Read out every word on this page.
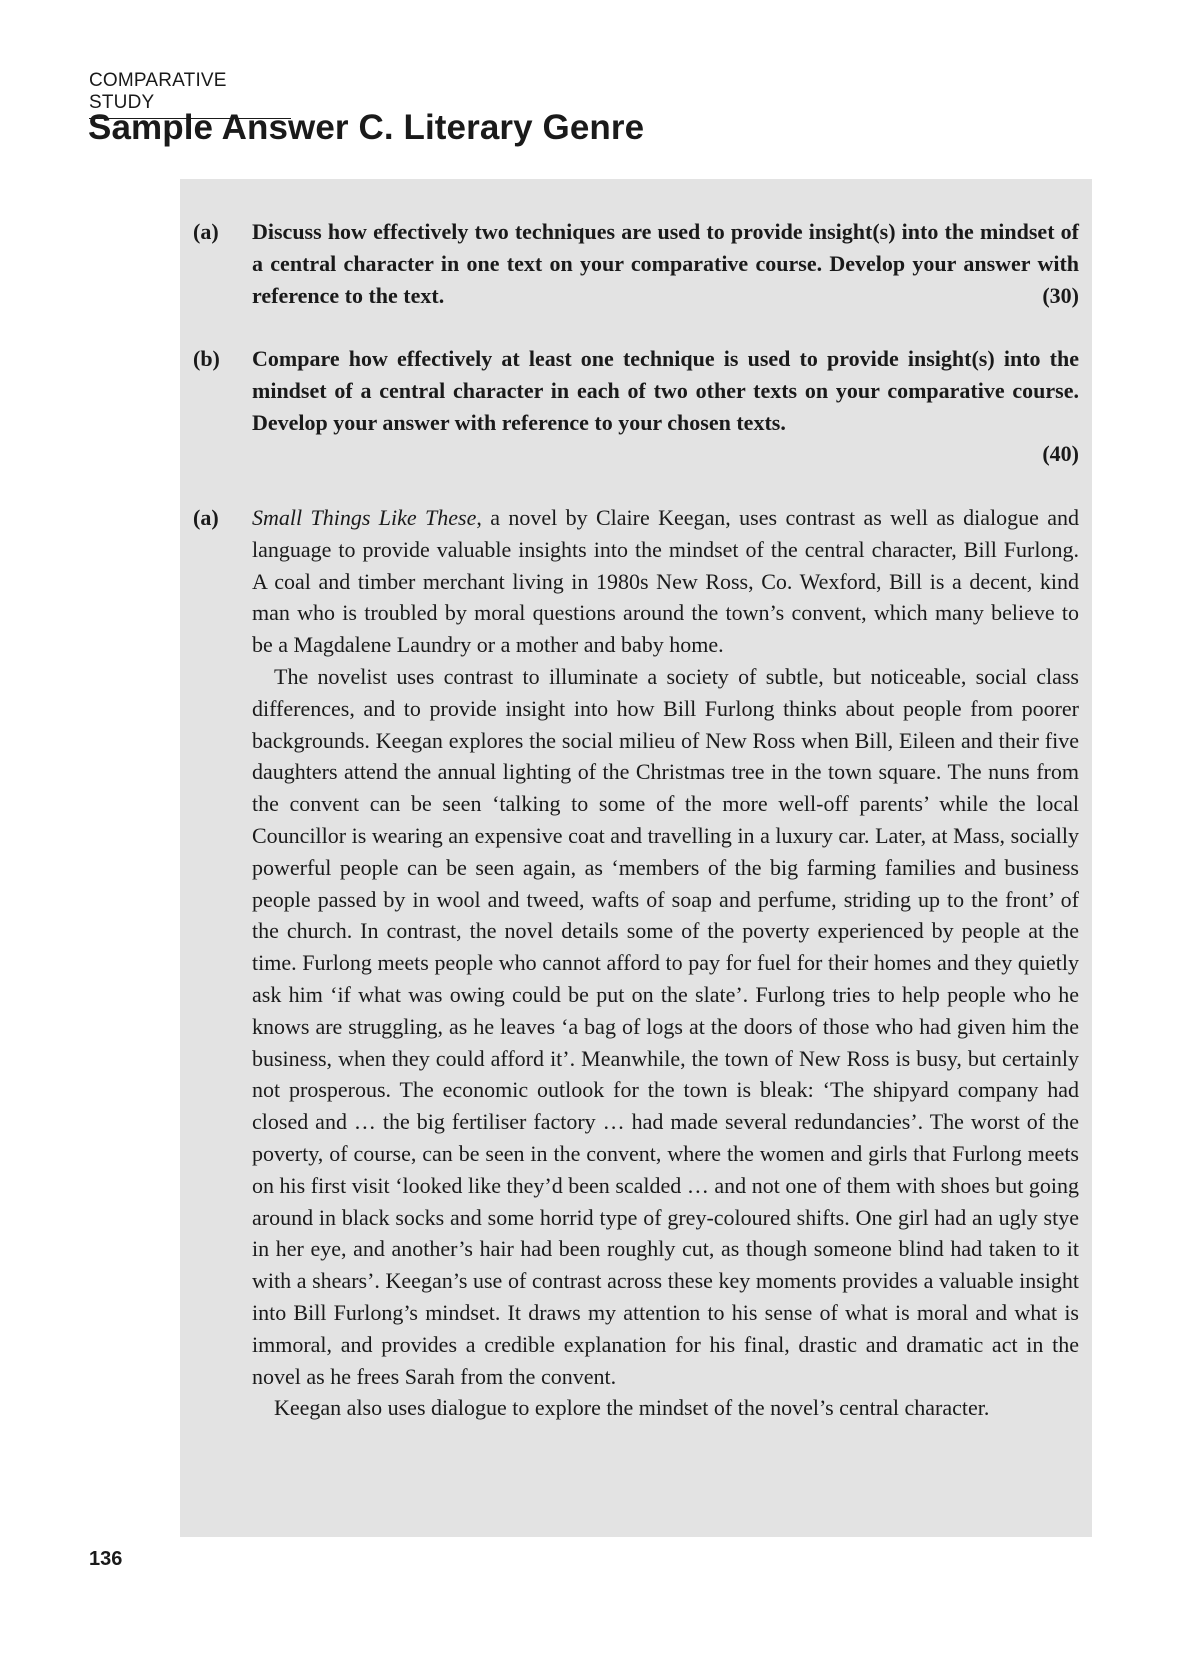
COMPARATIVE STUDY
Sample Answer C. Literary Genre
(a)	Discuss how effectively two techniques are used to provide insight(s) into the mindset of a central character in one text on your comparative course. Develop your answer with reference to the text.	(30)
(b)	Compare how effectively at least one technique is used to provide insight(s) into the mindset of a central character in each of two other texts on your comparative course. Develop your answer with reference to your chosen texts.
(40)
(a)	Small Things Like These, a novel by Claire Keegan, uses contrast as well as dialogue and language to provide valuable insights into the mindset of the central character, Bill Furlong. A coal and timber merchant living in 1980s New Ross, Co. Wexford, Bill is a decent, kind man who is troubled by moral questions around the town’s convent, which many believe to be a Magdalene Laundry or a mother and baby home.

The novelist uses contrast to illuminate a society of subtle, but noticeable, social class differences, and to provide insight into how Bill Furlong thinks about people from poorer backgrounds. Keegan explores the social milieu of New Ross when Bill, Eileen and their five daughters attend the annual lighting of the Christmas tree in the town square. The nuns from the convent can be seen ‘talking to some of the more well-off parents’ while the local Councillor is wearing an expensive coat and travelling in a luxury car. Later, at Mass, socially powerful people can be seen again, as ‘members of the big farming families and business people passed by in wool and tweed, wafts of soap and perfume, striding up to the front’ of the church. In contrast, the novel details some of the poverty experienced by people at the time. Furlong meets people who cannot afford to pay for fuel for their homes and they quietly ask him ‘if what was owing could be put on the slate’. Furlong tries to help people who he knows are struggling, as he leaves ‘a bag of logs at the doors of those who had given him the business, when they could afford it’. Meanwhile, the town of New Ross is busy, but certainly not prosperous. The economic outlook for the town is bleak: ‘The shipyard company had closed and … the big fertiliser factory … had made several redundancies’. The worst of the poverty, of course, can be seen in the convent, where the women and girls that Furlong meets on his first visit ‘looked like they’d been scalded … and not one of them with shoes but going around in black socks and some horrid type of grey-coloured shifts. One girl had an ugly stye in her eye, and another’s hair had been roughly cut, as though someone blind had taken to it with a shears’. Keegan’s use of contrast across these key moments provides a valuable insight into Bill Furlong’s mindset. It draws my attention to his sense of what is moral and what is immoral, and provides a credible explanation for his final, drastic and dramatic act in the novel as he frees Sarah from the convent.

Keegan also uses dialogue to explore the mindset of the novel’s central character.

136
